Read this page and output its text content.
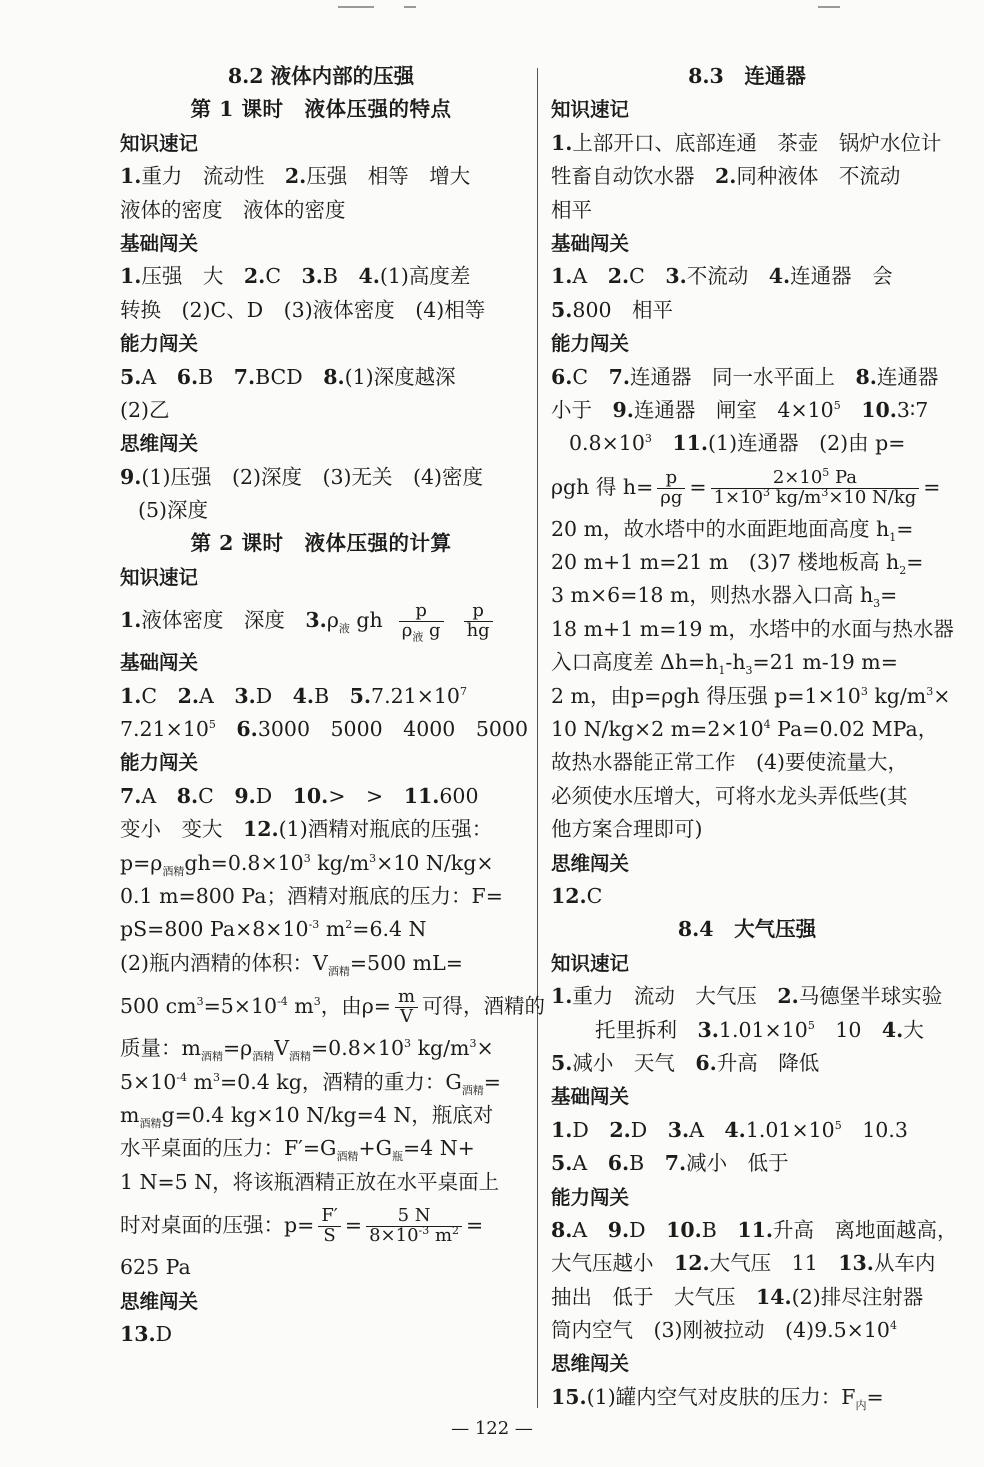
8.2 液体内部的压强
第 1 课时　液体压强的特点
知识速记
1.重力　流动性　2.压强　相等　增大
液体的密度　液体的密度
基础闯关
1.压强　大　2.C　3.B　4.(1)高度差
转换　(2)C、D　(3)液体密度　(4)相等
能力闯关
5.A　6.B　7.BCD　8.(1)深度越深
(2)乙
思维闯关
9.(1)压强　(2)深度　(3)无关　(4)密度
(5)深度
第 2 课时　液体压强的计算
知识速记
1.液体密度　深度　$3.\rho_液$ gh $\frac{p}{\rho_液 g} \frac{p}{hg}$
基础闯关
1.C　2.A　3.D　4.B　$5.7.21\times 10^7$
$7.21\times 10^5$　 6.3000　5000　4000　5000
能力闯关
7.A　8.C　9.D　10.>　>　11.600
变小　变大　12.(1)酒精对瓶底的压强：
$p=\rho_{酒精}gh=0.8\times 10^3$ $kg/m^3\times 10$ N/kg×
0.1 m=800 Pa；酒精对瓶底的压力：F=
pS=800 $Pa\times 8\times 10^{-3}$ $m^2=6.4$ N
(2)瓶内酒精的体积：$V_{酒精}=500$ mL=
500 $cm^3=5\times 10^{-4}$ $m^3$，由$\rho= \frac{m}{V}$ 可得，酒精的
质量：$m_{酒精}=\rho_{酒精}V_{酒精}=0.8\times 10^3$ $kg/m^3\times$
$5\times 10^{-4}$ $m^3=0.4$ kg，酒精的重力：$G_{酒精}=$
$m_{酒精}g=0.4$ kg×10 N/kg=4 N，瓶底对
水平桌面的压力：$F'=G_{酒精}+G_瓶=4$ N+
1 N=5 N，将该瓶酒精正放在水平桌面上
时对桌面的压强：$p= \frac{F'}{S} = \frac{5 N}{8\times 10^{-3} m^2}$ =
625 Pa
思维闯关
13.D
8.3　连通器
知识速记
1.上部开口、底部连通　茶壶　锅炉水位计
牲畜自动饮水器　2.同种液体　不流动
相平
基础闯关
1.A　2.C　3.不流动　4.连通器　会
5.800　相平
能力闯关
6.C　7.连通器　同一水平面上　8.连通器
小于　9.连通器　闸室　$4\times 10^5$　 10.3∶7
$0.8\times 10^3$　 11.(1)连通器　(2)由 p=
ρgh 得 $h= \frac{p}{\rho g} = \frac{2\times 10^5 Pa}{1\times 10^3 kg/m^3\times 10 N/kg}$ =
20 m，故水塔中的水面距地面高度 $h_1=$
20 m+1 m=21 m　(3)7 楼地板高 $h_2=$
3 m×6=18 m，则热水器入口高 $h_3=$
18 m+1 m=19 m，水塔中的水面与热水器
入口高度差 $\Delta h=h_1-h_3=21$ m-19 m=
2 m，由p=ρgh 得压强 $p=1\times 10^3$ $kg/m^3\times$
10 N/kg×2 $m=2\times 10^4$ Pa=0.02 MPa，
故热水器能正常工作　(4)要使流量大，
必须使水压增大，可将水龙头弄低些(其
他方案合理即可)
思维闯关
12.C
8.4　大气压强
知识速记
1.重力　流动　大气压　2.马德堡半球实验
托里拆利　$3.1.01\times 10^5$　10　4.大
5.减小　天气　6.升高　降低
基础闯关
1.D　2.D　3.A　$4.1.01\times 10^5$　10.3
5.A　6.B　7.减小　低于
能力闯关
8.A　9.D　10.B　11.升高　离地面越高，
大气压越小　12.大气压　11　13.从车内
抽出　低于　大气压　14.(2)排尽注射器
筒内空气　(3)刚被拉动　$(4)9.5\times 10^4$
思维闯关
15.(1)罐内空气对皮肤的压力：$F_内=$
— 122 —
